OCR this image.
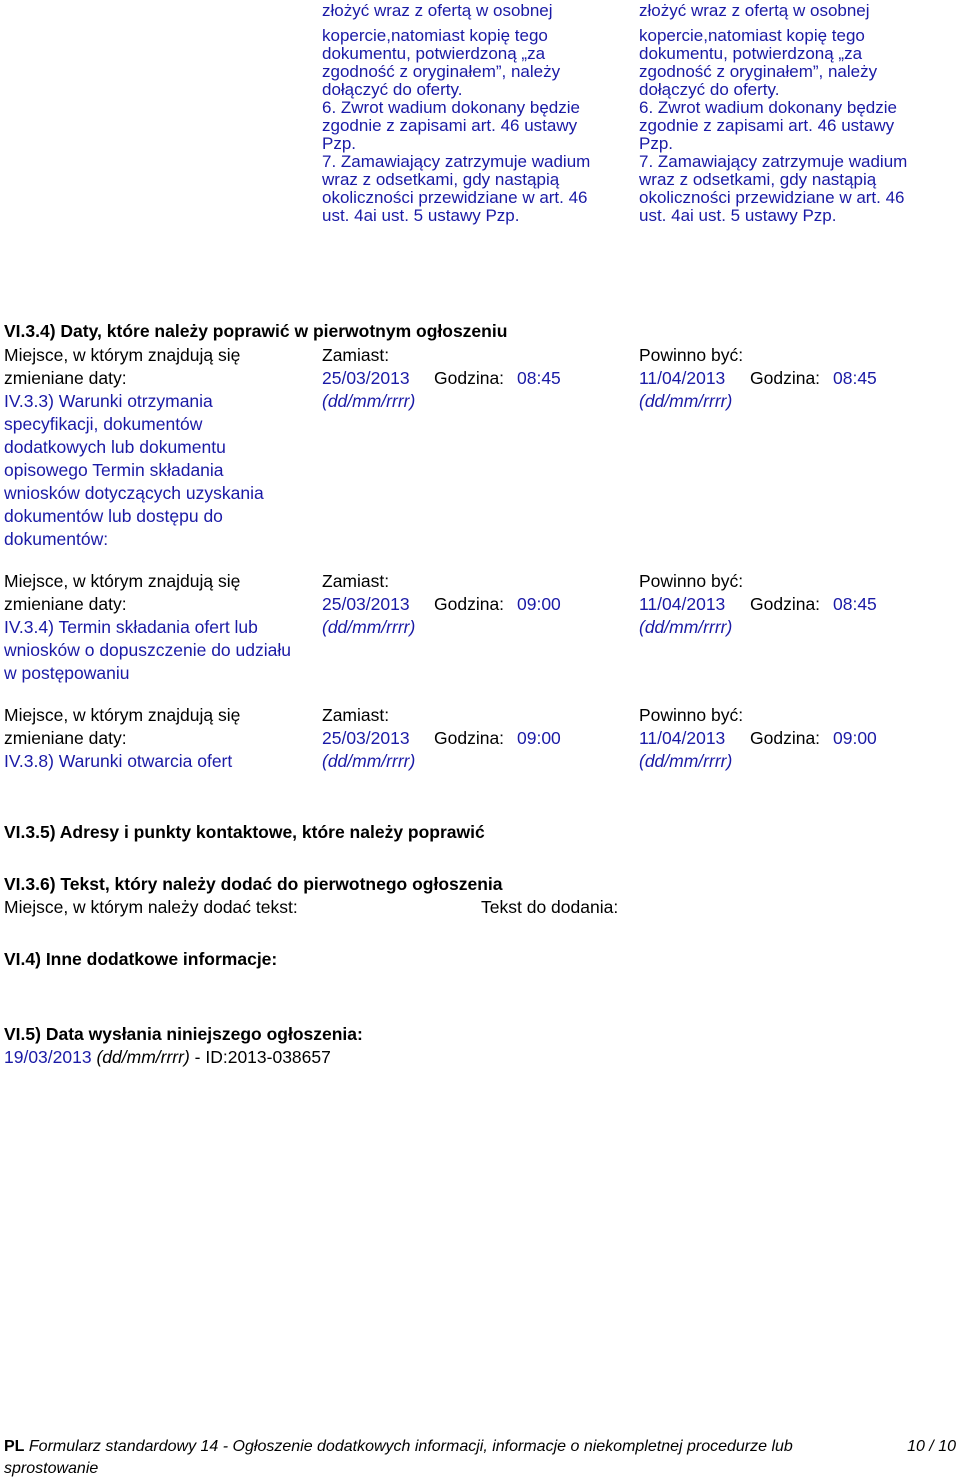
złożyć wraz z ofertą w osobnej
kopercie,natomiast kopię tego
dokumentu, potwierdzoną „za
zgodność z oryginałem”, należy
dołączyć do oferty.
6. Zwrot wadium dokonany będzie
zgodnie z zapisami art. 46 ustawy
Pzp.
7. Zamawiający zatrzymuje wadium
wraz z odsetkami, gdy nastąpią
okoliczności przewidziane w art. 46
ust. 4ai ust. 5 ustawy Pzp.
złożyć wraz z ofertą w osobnej
kopercie,natomiast kopię tego
dokumentu, potwierdzoną „za
zgodność z oryginałem”, należy
dołączyć do oferty.
6. Zwrot wadium dokonany będzie
zgodnie z zapisami art. 46 ustawy
Pzp.
7. Zamawiający zatrzymuje wadium
wraz z odsetkami, gdy nastąpią
okoliczności przewidziane w art. 46
ust. 4ai ust. 5 ustawy Pzp.
VI.3.4) Daty, które należy poprawić w pierwotnym ogłoszeniu
Miejsce, w którym znajdują się
zmieniane daty:
IV.3.3) Warunki otrzymania
specyfikacji, dokumentów
dodatkowych lub dokumentu
opisowego Termin składania
wniosków dotyczących uzyskania
dokumentów lub dostępu do
dokumentów:
Zamiast:
25/03/2013 Godzina: 08:45
(dd/mm/rrrr)
Powinno być:
11/04/2013 Godzina: 08:45
(dd/mm/rrrr)
Miejsce, w którym znajdują się
zmieniane daty:
IV.3.4) Termin składania ofert lub
wniosków o dopuszczenie do udziału
w postępowaniu
Zamiast:
25/03/2013 Godzina: 09:00
(dd/mm/rrrr)
Powinno być:
11/04/2013 Godzina: 08:45
(dd/mm/rrrr)
Miejsce, w którym znajdują się
zmieniane daty:
IV.3.8) Warunki otwarcia ofert
Zamiast:
25/03/2013 Godzina: 09:00
(dd/mm/rrrr)
Powinno być:
11/04/2013 Godzina: 09:00
(dd/mm/rrrr)
VI.3.5) Adresy i punkty kontaktowe, które należy poprawić
VI.3.6) Tekst, który należy dodać do pierwotnego ogłoszenia
Miejsce, w którym należy dodać tekst:	Tekst do dodania:
VI.4) Inne dodatkowe informacje:
VI.5) Data wysłania niniejszego ogłoszenia:
19/03/2013 (dd/mm/rrrr) - ID:2013-038657
PL Formularz standardowy 14 - Ogłoszenie dodatkowych informacji, informacje o niekompletnej procedurze lub
sprostowanie
10 / 10
